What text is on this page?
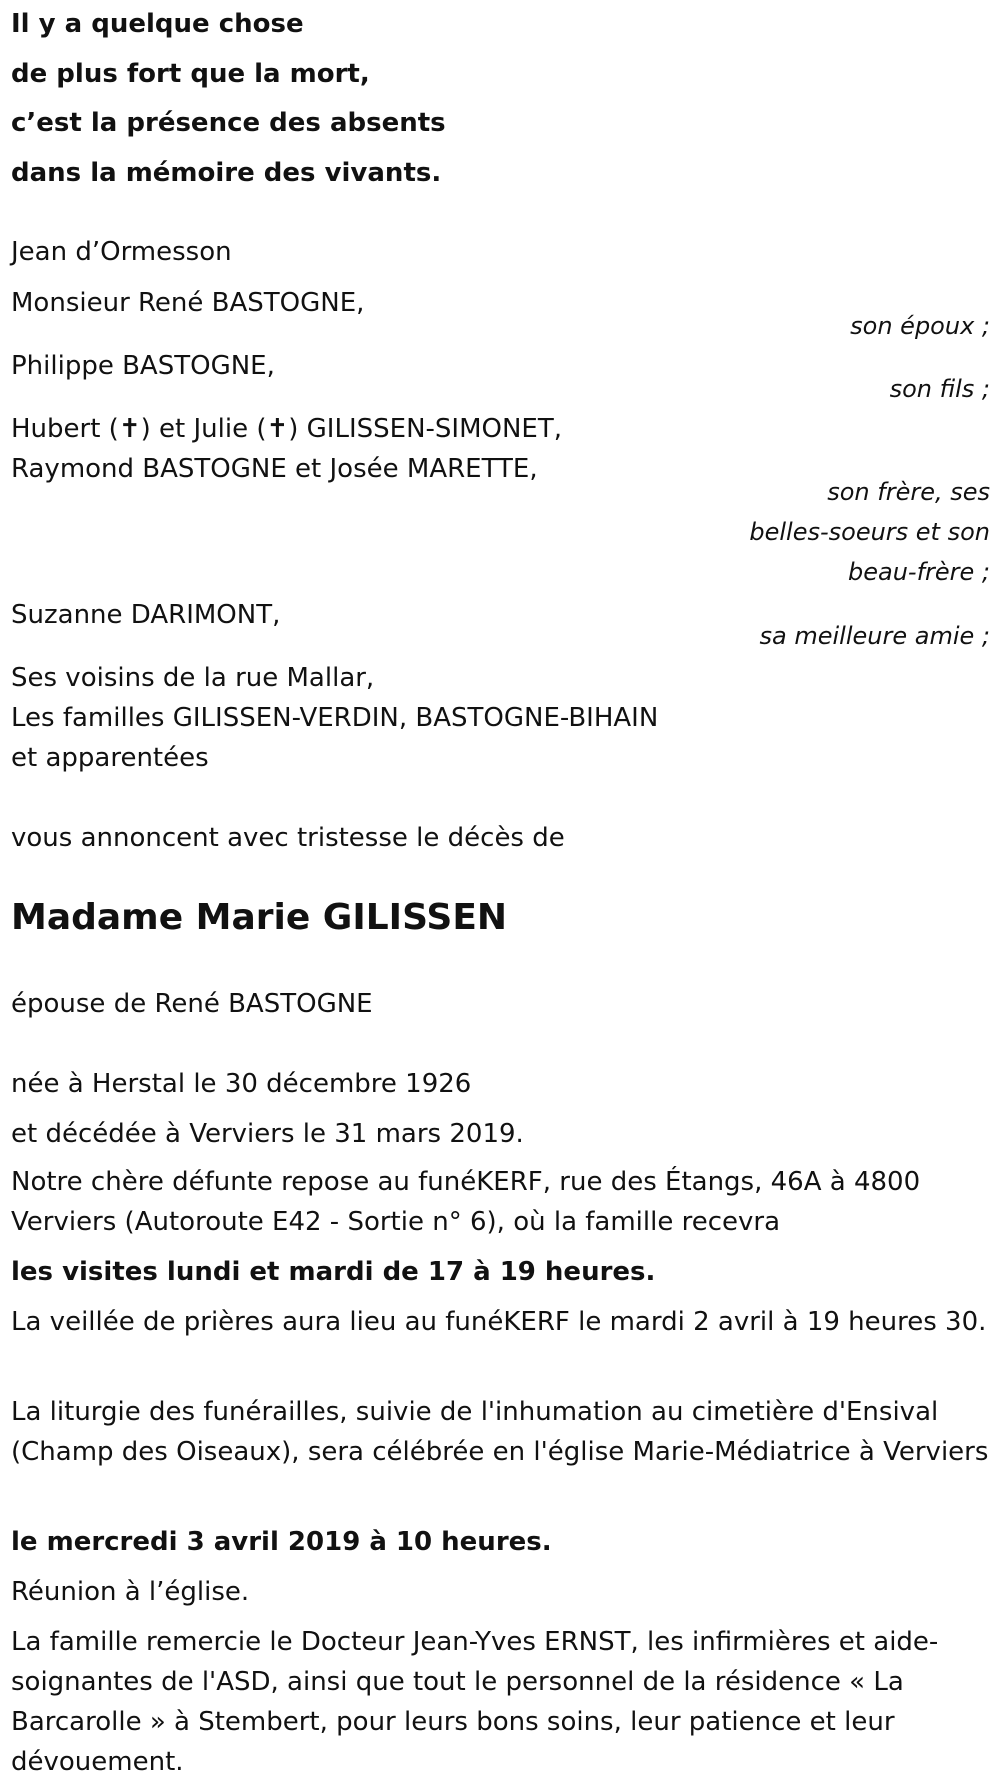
Il y a quelque chose
de plus fort que la mort,
c’est la présence des absents
dans la mémoire des vivants.
Jean d’Ormesson
Monsieur René BASTOGNE,
son époux ;
Philippe BASTOGNE,
son fils ;
Hubert (✝) et Julie (✝) GILISSEN-SIMONET,
Raymond BASTOGNE et Josée MARETTE,
son frère, ses
belles-soeurs et son
beau-frère ;
Suzanne DARIMONT,
sa meilleure amie ;
Ses voisins de la rue Mallar,
Les familles GILISSEN-VERDIN, BASTOGNE-BIHAIN
et apparentées
vous annoncent avec tristesse le décès de
Madame Marie GILISSEN
épouse de René BASTOGNE
née à Herstal le 30 décembre 1926
et décédée à Verviers le 31 mars 2019.
Notre chère défunte repose au funéKERF, rue des Étangs, 46A à 4800 Verviers (Autoroute E42 - Sortie n° 6), où la famille recevra
les visites lundi et mardi de 17 à 19 heures.
La veillée de prières aura lieu au funéKERF le mardi 2 avril à 19 heures 30.
La liturgie des funérailles, suivie de l'inhumation au cimetière d'Ensival (Champ des Oiseaux), sera célébrée en l'église Marie-Médiatrice à Verviers
le mercredi 3 avril 2019 à 10 heures.
Réunion à l’église.
La famille remercie le Docteur Jean-Yves ERNST, les infirmières et aide-soignantes de l'ASD, ainsi que tout le personnel de la résidence « La Barcarolle » à Stembert, pour leurs bons soins, leur patience et leur dévouement.
